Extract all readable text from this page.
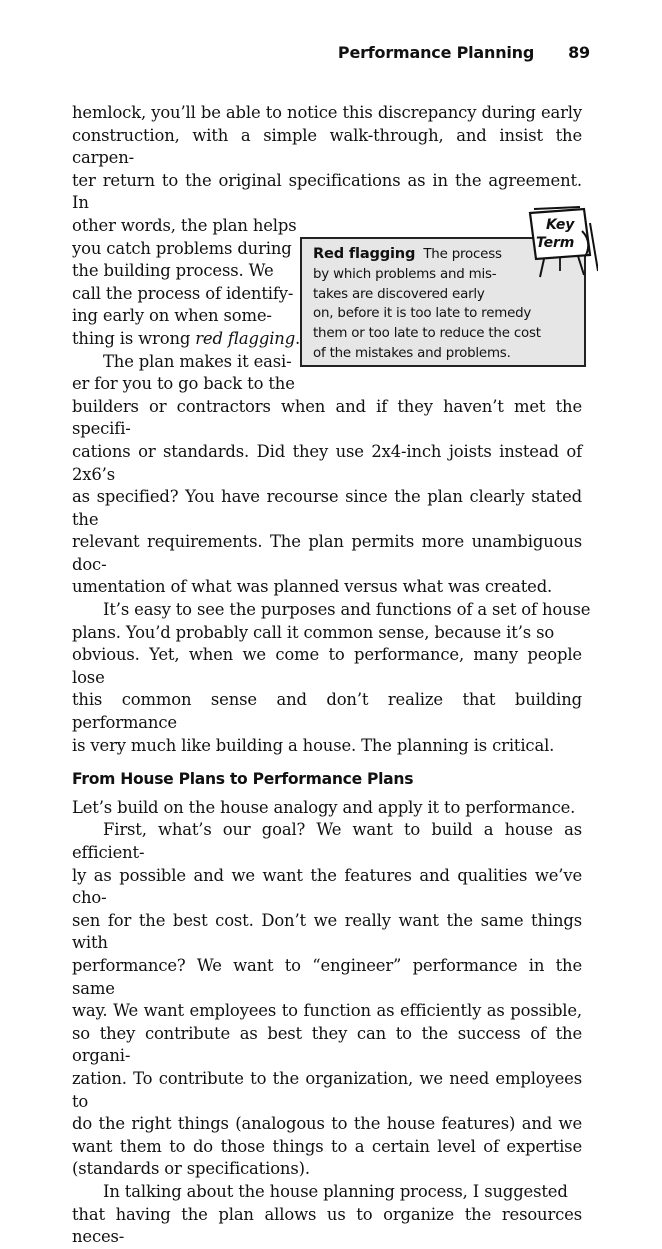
Performance Planning 89

hemlock, you’ll be able to notice this discrepancy during early
construction, with a simple walk-through, and insist the carpen-
ter return to the original specifications as in the agreement. In

other words, the plan helps
you catch problems during
the building process. We
call the process of identify-
ing early on when some-
thing is wrong red flagging.
The plan makes it easi-
er for you to go back to the
Red flagging The process
by which problems and mis-
takes are discovered early
on, before it is too late to remedy
them or too late to reduce the cost
of the mistakes and problems.
Key
Term

builders or contractors when and if they haven’t met the specifi-
cations or standards. Did they use 2x4-inch joists instead of 2x6’s
as specified? You have recourse since the plan clearly stated the
relevant requirements. The plan permits more unambiguous doc-
umentation of what was planned versus what was created.

It’s easy to see the purposes and functions of a set of house
plans. You’d probably call it common sense, because it’s so
obvious. Yet, when we come to performance, many people lose
this common sense and don’t realize that building performance
is very much like building a house. The planning is critical.

From House Plans to Performance Plans

Let’s build on the house analogy and apply it to performance.

First, what’s our goal? We want to build a house as efficient-
ly as possible and we want the features and qualities we’ve cho-
sen for the best cost. Don’t we really want the same things with
performance? We want to “engineer” performance in the same
way. We want employees to function as efficiently as possible,
so they contribute as best they can to the success of the organi-
zation. To contribute to the organization, we need employees to
do the right things (analogous to the house features) and we
want them to do those things to a certain level of expertise
(standards or specifications).

In talking about the house planning process, I suggested
that having the plan allows us to organize the resources neces-
